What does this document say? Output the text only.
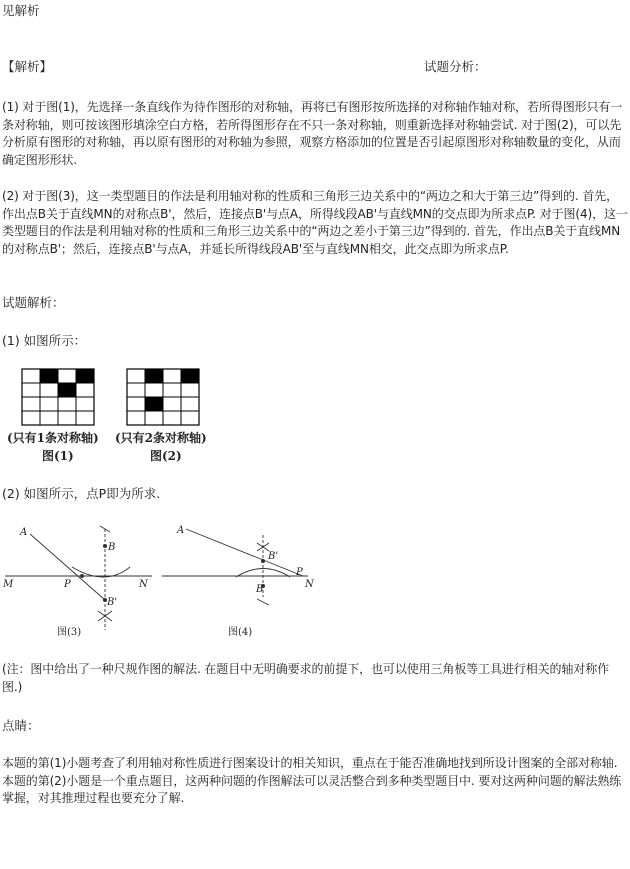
见解析
【解析】	试题分析：
(1) 对于图(1)，先选择一条直线作为待作图形的对称轴，再将已有图形按所选择的对称轴作轴对称，若所得图形只有一条对称轴，则可按该图形填涂空白方格，若所得图形存在不只一条对称轴，则重新选择对称轴尝试. 对于图(2)，可以先分析原有图形的对称轴，再以原有图形的对称轴为参照，观察方格添加的位置是否引起原图形对称轴数量的变化，从而确定图形形状.
(2) 对于图(3)，这一类型题目的作法是利用轴对称的性质和三角形三边关系中的“两边之和大于第三边”得到的. 首先，作出点B关于直线MN的对称点B'，然后，连接点B'与点A，所得线段AB'与直线MN的交点即为所求点P. 对于图(4)，这一类型题目的作法是利用轴对称的性质和三角形三边关系中的“两边之差小于第三边”得到的. 首先，作出点B关于直线MN的对称点B'；然后，连接点B'与点A，并延长所得线段AB'至与直线MN相交，此交点即为所求点P.
试题解析：
(1) 如图所示：
(只有1条对称轴)
图(1)
(只有2条对称轴)
图(2)
(2) 如图所示，点P即为所求.
A
B
B'
M	N
P
图(3)
A
B
B'
P
N
图(4)
(注：图中给出了一种尺规作图的解法. 在题目中无明确要求的前提下，也可以使用三角板等工具进行相关的轴对称作图.)
点睛：
本题的第(1)小题考查了利用轴对称性质进行图案设计的相关知识，重点在于能否准确地找到所设计图案的全部对称轴. 本题的第(2)小题是一个重点题目，这两种问题的作图解法可以灵活整合到多种类型题目中. 要对这两种问题的解法熟练掌握，对其推理过程也要充分了解.
